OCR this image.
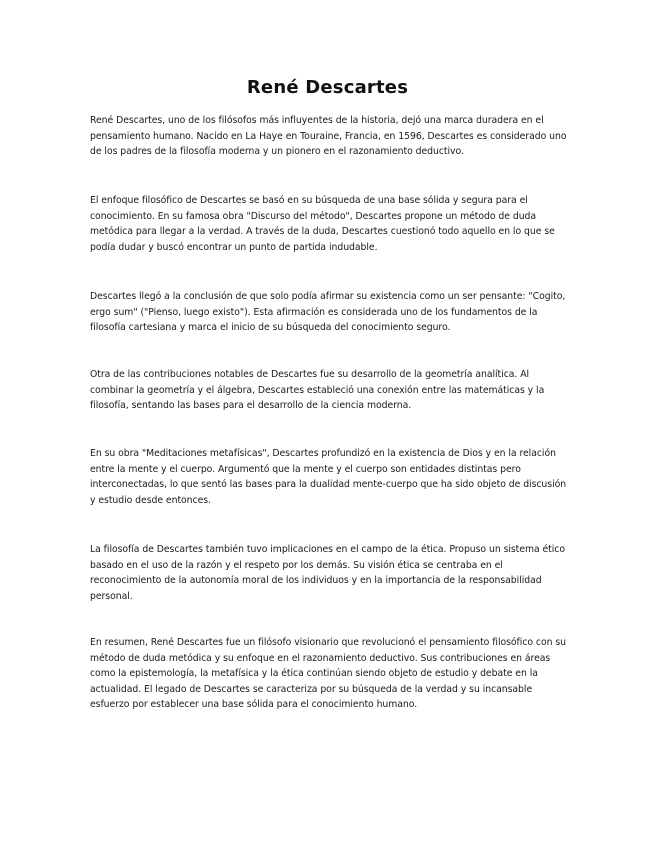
René Descartes

René Descartes, uno de los filósofos más influyentes de la historia, dejó una marca duradera en el pensamiento humano. Nacido en La Haye en Touraine, Francia, en 1596, Descartes es considerado uno de los padres de la filosofía moderna y un pionero en el razonamiento deductivo.

El enfoque filosófico de Descartes se basó en su búsqueda de una base sólida y segura para el conocimiento. En su famosa obra "Discurso del método", Descartes propone un método de duda metódica para llegar a la verdad. A través de la duda, Descartes cuestionó todo aquello en lo que se podía dudar y buscó encontrar un punto de partida indudable.

Descartes llegó a la conclusión de que solo podía afirmar su existencia como un ser pensante: "Cogito, ergo sum" ("Pienso, luego existo"). Esta afirmación es considerada uno de los fundamentos de la filosofía cartesiana y marca el inicio de su búsqueda del conocimiento seguro.

Otra de las contribuciones notables de Descartes fue su desarrollo de la geometría analítica. Al combinar la geometría y el álgebra, Descartes estableció una conexión entre las matemáticas y la filosofía, sentando las bases para el desarrollo de la ciencia moderna.

En su obra "Meditaciones metafísicas", Descartes profundizó en la existencia de Dios y en la relación entre la mente y el cuerpo. Argumentó que la mente y el cuerpo son entidades distintas pero interconectadas, lo que sentó las bases para la dualidad mente-cuerpo que ha sido objeto de discusión y estudio desde entonces.

La filosofía de Descartes también tuvo implicaciones en el campo de la ética. Propuso un sistema ético basado en el uso de la razón y el respeto por los demás. Su visión ética se centraba en el reconocimiento de la autonomía moral de los individuos y en la importancia de la responsabilidad personal.

En resumen, René Descartes fue un filósofo visionario que revolucionó el pensamiento filosófico con su método de duda metódica y su enfoque en el razonamiento deductivo. Sus contribuciones en áreas como la epistemología, la metafísica y la ética continúan siendo objeto de estudio y debate en la actualidad. El legado de Descartes se caracteriza por su búsqueda de la verdad y su incansable esfuerzo por establecer una base sólida para el conocimiento humano.
